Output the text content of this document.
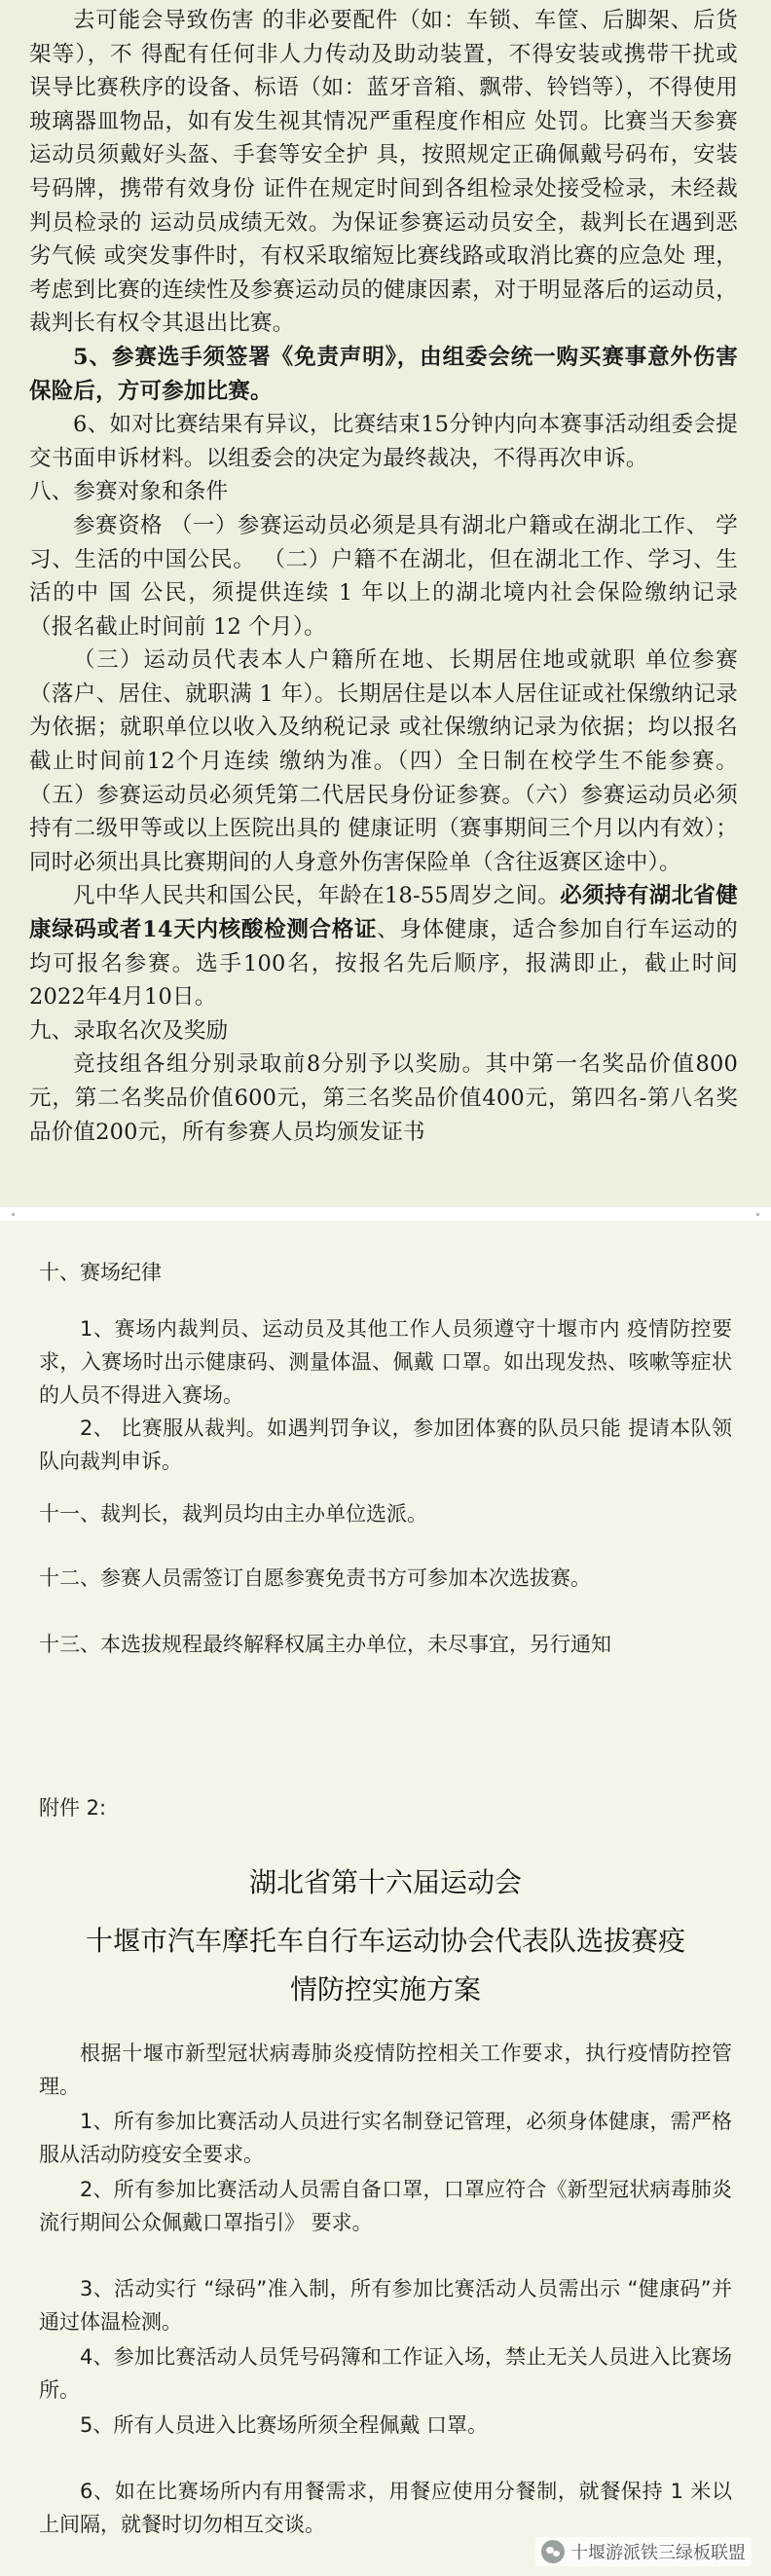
去可能会导致伤害 的非必要配件（如：车锁、车筐、后脚架、后货架等），不 得配有任何非人力传动及助动装置，不得安装或携带干扰或 误导比赛秩序的设备、标语（如：蓝牙音箱、飘带、铃铛等），不得使用玻璃器皿物品，如有发生视其情况严重程度作相应 处罚。比赛当天参赛运动员须戴好头盔、手套等安全护 具，按照规定正确佩戴号码布，安装号码牌，携带有效身份 证件在规定时间到各组检录处接受检录，未经裁判员检录的 运动员成绩无效。为保证参赛运动员安全，裁判长在遇到恶劣气候 或突发事件时，有权采取缩短比赛线路或取消比赛的应急处 理，考虑到比赛的连续性及参赛运动员的健康因素，对于明显落后的运动员，裁判长有权令其退出比赛。

5、参赛选手须签署《免责声明》，由组委会统一购买赛事意外伤害保险后，方可参加比赛。

6、如对比赛结果有异议，比赛结束15分钟内向本赛事活动组委会提交书面申诉材料。以组委会的决定为最终裁决，不得再次申诉。

八、参赛对象和条件

参赛资格 （一）参赛运动员必须是具有湖北户籍或在湖北工作、 学习、生活的中国公民。 （二）户籍不在湖北，但在湖北工作、学习、生活的中 国 公民，须提供连续 1 年以上的湖北境内社会保险缴纳记录 （报名截止时间前 12 个月）。

（三）运动员代表本人户籍所在地、长期居住地或就职 单位参赛（落户、居住、就职满 1 年）。长期居住是以本人居住证或社保缴纳记录为依据；就职单位以收入及纳税记录 或社保缴纳记录为依据；均以报名截止时间前12个月连续 缴纳为准。（四）全日制在校学生不能参赛。（五）参赛运动员必须凭第二代居民身份证参赛。（六）参赛运动员必须持有二级甲等或以上医院出具的 健康证明（赛事期间三个月以内有效）；同时必须出具比赛期间的人身意外伤害保险单（含往返赛区途中）。

凡中华人民共和国公民，年龄在18-55周岁之间。必须持有湖北省健康绿码或者14天内核酸检测合格证、身体健康，适合参加自行车运动的均可报名参赛。选手100名，按报名先后顺序，报满即止，截止时间2022年4月10日。

九、录取名次及奖励

竞技组各组分别录取前8分别予以奖励。其中第一名奖品价值800元，第二名奖品价值600元，第三名奖品价值400元，第四名-第八名奖品价值200元，所有参赛人员均颁发证书

十、赛场纪律

1、赛场内裁判员、运动员及其他工作人员须遵守十堰市内 疫情防控要求，入赛场时出示健康码、测量体温、佩戴 口罩。如出现发热、咳嗽等症状的人员不得进入赛场。

2、 比赛服从裁判。如遇判罚争议，参加团体赛的队员只能 提请本队领队向裁判申诉。

十一、裁判长，裁判员均由主办单位选派。

十二、参赛人员需签订自愿参赛免责书方可参加本次选拔赛。

十三、本选拔规程最终解释权属主办单位，未尽事宜，另行通知

附件 2:

湖北省第十六届运动会

十堰市汽车摩托车自行车运动协会代表队选拔赛疫

情防控实施方案

根据十堰市新型冠状病毒肺炎疫情防控相关工作要求，执行疫情防控管理。

1、所有参加比赛活动人员进行实名制登记管理，必须身体健康，需严格服从活动防疫安全要求。

2、所有参加比赛活动人员需自备口罩，口罩应符合《新型冠状病毒肺炎流行期间公众佩戴口罩指引》 要求。

3、活动实行 “绿码”准入制，所有参加比赛活动人员需出示 “健康码”并通过体温检测。

4、参加比赛活动人员凭号码簿和工作证入场，禁止无关人员进入比赛场所。

5、所有人员进入比赛场所须全程佩戴 口罩。

6、如在比赛场所内有用餐需求，用餐应使用分餐制，就餐保持 1 米以上间隔，就餐时切勿相互交谈。

十堰游派铁三绿板联盟
